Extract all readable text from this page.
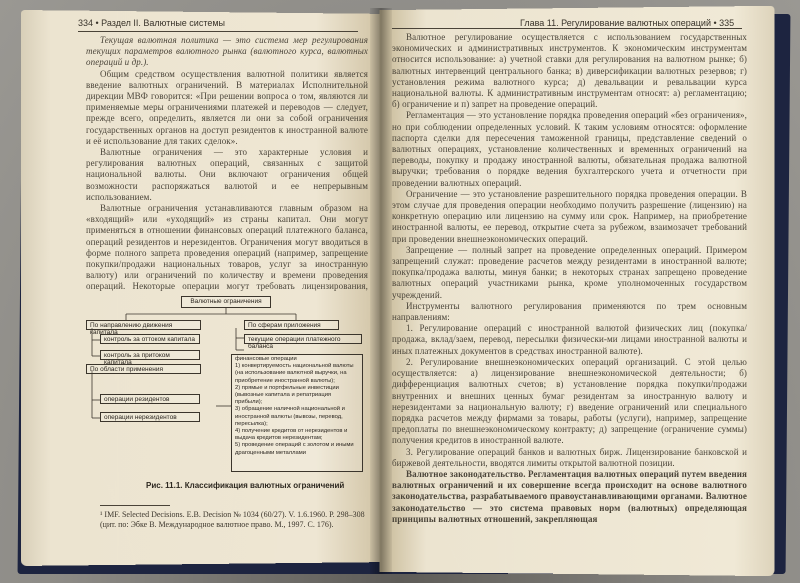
334 • Раздел II. Валютные системы	Глава 11. Регулирование валютных операций • 335

Текущая валютная политика — это система мер регулирования текущих параметров валютного рынка (валютного курса, валютных операций и др.).

Общим средством осуществления валютной политики является введение валютных ограничений. В материалах Исполнительной дирекции МВФ говорится: «При решении вопроса о том, являются ли применяемые меры ограничениями платежей и переводов — следует, прежде всего, определить, является ли они за собой ограничения государственных органов на доступ резидентов к иностранной валюте и её использование для таких сделок».

Валютные ограничения — это характерные условия и регулирования валютных операций, связанных с защитой национальной валюты. Они включают ограничения общей возможности распоряжаться валютой и ее непрерывным использованием.

Валютные ограничения устанавливаются главным образом на «входящий» или «уходящий» из страны капитал. Они могут применяться в отношении финансовых операций платежного баланса, операций резидентов и нерезидентов. Ограничения могут вводиться в форме полного запрета проведения операций (например, запрещение покупки/продажи национальных товаров, услуг за иностранную валюту) или ограничений по количеству и времени проведения операций. Некоторые операции могут требовать лицензирования,

Валютные ограничения
По направлению движения капитала
По сферам приложения
контроль за оттоком капитала
контроль за притоком капитала
По области применения
операции резидентов
операции нерезидентов
текущие операции платежного баланса
финансовые операции
1) конвертируемость национальной валюты (на использование валютной выручки, на приобретение иностранной валюты);
2) прямые и портфельные инвестиции (вывозные капитала и репатриация прибыли);
3) обращение наличной национальной и иностранной валюты (вывозы, перевод, пересылка);
4) получение кредитов от нерезидентов и выдача кредитов нерезидентам;
5) проведение операций с золотом и иными драгоценными металлами
Рис. 11.1. Классификация валютных ограничений
¹ IMF. Selected Decisions. E.B. Decision № 1034 (60/27). V. 1.6.1960. P. 298–308 (цит. по: Эбке В. Международное валютное право. М., 1997. С. 176).

Валютное регулирование осуществляется с использованием государственных экономических и административных инструментов. К экономическим инструментам относится использование: а) учетной ставки для регулирования на валютном рынке; б) валютных интервенций центрального банка; в) диверсификации валютных резервов; г) установления режима валютного курса; д) девальвации и ревальвации курса национальной валюты. К административным инструментам относят: а) регламентацию; б) ограничение и п) запрет на проведение операций.

Регламентация — это установление порядка проведения операций «без ограничения», но при соблюдении определенных условий. К таким условиям относятся: оформление паспорта сделки для пересечения таможенной границы, представление сведений о валютных операциях, установление количественных и временных ограничений на переводы, покупку и продажу иностранной валюты, обязательная продажа валютной выручки; требования о порядке ведения бухгалтерского учета и отчетности при проведении валютных операций.

Ограничение — это установление разрешительного порядка проведения операции. В этом случае для проведения операции необходимо получить разрешение (лицензию) на конкретную операцию или лицензию на сумму или срок. Например, на приобретение иностранной валюты, ее перевод, открытие счета за рубежом, взаимозачет требований при проведении внешнеэкономических операций.

Запрещение — полный запрет на проведение определенных операций. Примером запрещений служат: проведение расчетов между резидентами в иностранной валюте; покупка/продажа валюты, минуя банки; в некоторых странах запрещено проведение валютных операций участниками рынка, кроме уполномоченных государством учреждений.

Инструменты валютного регулирования применяются по трем основным направлениям:

1. Регулирование операций с иностранной валютой физических лиц (покупка/продажа, вклад/заем, перевод, пересылки физически-ми лицами иностранной валюты и иных платежных документов в средствах иностранной валюте).

2. Регулирование внешнеэкономических операций организаций. С этой целью осуществляется: а) лицензирование внешнеэкономической деятельности; б) дифференциация валютных счетов; в) установление порядка покупки/продажи внутренних и внешних ценных бумаг резидентам за иностранную валюту и нерезидентами за национальную валюту; г) введение ограничений или специального порядка расчетов между фирмами за товары, работы (услуги), например, запрещение предоплаты по внешнеэкономическому контракту; д) запрещение (ограничение суммы) получения кредитов в иностранной валюте.

3. Регулирование операций банков и валютных бирж. Лицензирование банковской и биржевой деятельности, вводятся лимиты открытой валютной позиции.

Валютное законодательство. Регламентация валютных операций путем введения валютных ограничений и их совершение всегда происходит на основе валютного законодательства, разрабатываемого правоустанавливающими органами. Валютное законодательство — это система правовых норм (валютных) определяющая принципы валютных отношений, закрепляющая
